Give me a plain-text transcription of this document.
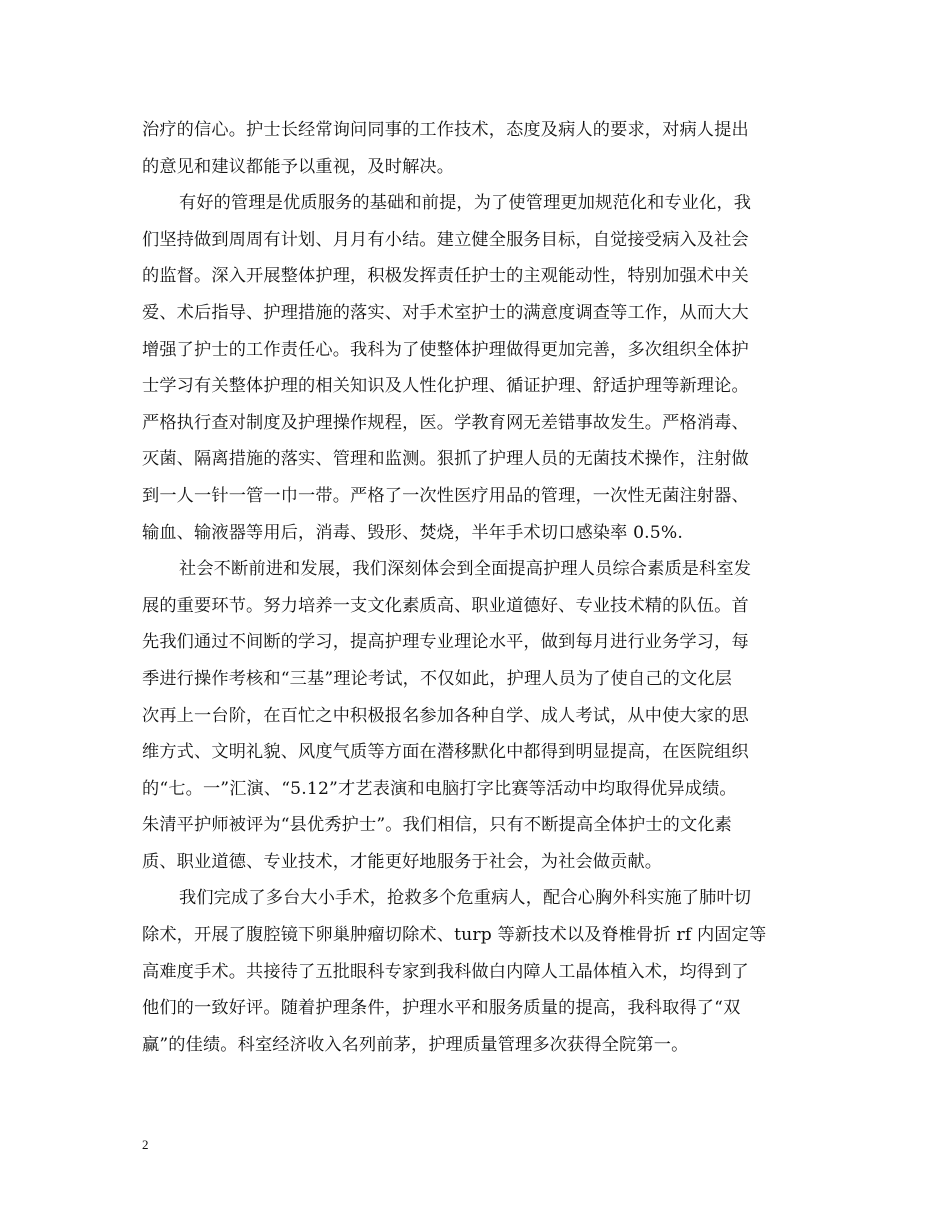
治疗的信心。护士长经常询问同事的工作技术，态度及病人的要求，对病人提出
的意见和建议都能予以重视，及时解决。
有好的管理是优质服务的基础和前提，为了使管理更加规范化和专业化，我
们坚持做到周周有计划、月月有小结。建立健全服务目标，自觉接受病入及社会
的监督。深入开展整体护理，积极发挥责任护士的主观能动性，特别加强术中关
爱、术后指导、护理措施的落实、对手术室护士的满意度调查等工作，从而大大
增强了护士的工作责任心。我科为了使整体护理做得更加完善，多次组织全体护
士学习有关整体护理的相关知识及人性化护理、循证护理、舒适护理等新理论。
严格执行查对制度及护理操作规程，医。学教育网无差错事故发生。严格消毒、
灭菌、隔离措施的落实、管理和监测。狠抓了护理人员的无菌技术操作，注射做
到一人一针一管一巾一带。严格了一次性医疗用品的管理，一次性无菌注射器、
输血、输液器等用后，消毒、毁形、焚烧，半年手术切口感染率 0.5%.
社会不断前进和发展，我们深刻体会到全面提高护理人员综合素质是科室发
展的重要环节。努力培养一支文化素质高、职业道德好、专业技术精的队伍。首
先我们通过不间断的学习，提高护理专业理论水平，做到每月进行业务学习，每
季进行操作考核和“三基”理论考试，不仅如此，护理人员为了使自己的文化层
次再上一台阶，在百忙之中积极报名参加各种自学、成人考试，从中使大家的思
维方式、文明礼貌、风度气质等方面在潜移默化中都得到明显提高，在医院组织
的“七。一”汇演、“5.12”才艺表演和电脑打字比赛等活动中均取得优异成绩。
朱清平护师被评为“县优秀护士”。我们相信，只有不断提高全体护士的文化素
质、职业道德、专业技术，才能更好地服务于社会，为社会做贡献。
我们完成了多台大小手术，抢救多个危重病人，配合心胸外科实施了肺叶切
除术，开展了腹腔镜下卵巢肿瘤切除术、turp 等新技术以及脊椎骨折 rf 内固定等
高难度手术。共接待了五批眼科专家到我科做白内障人工晶体植入术，均得到了
他们的一致好评。随着护理条件，护理水平和服务质量的提高，我科取得了“双
赢”的佳绩。科室经济收入名列前茅，护理质量管理多次获得全院第一。
2
